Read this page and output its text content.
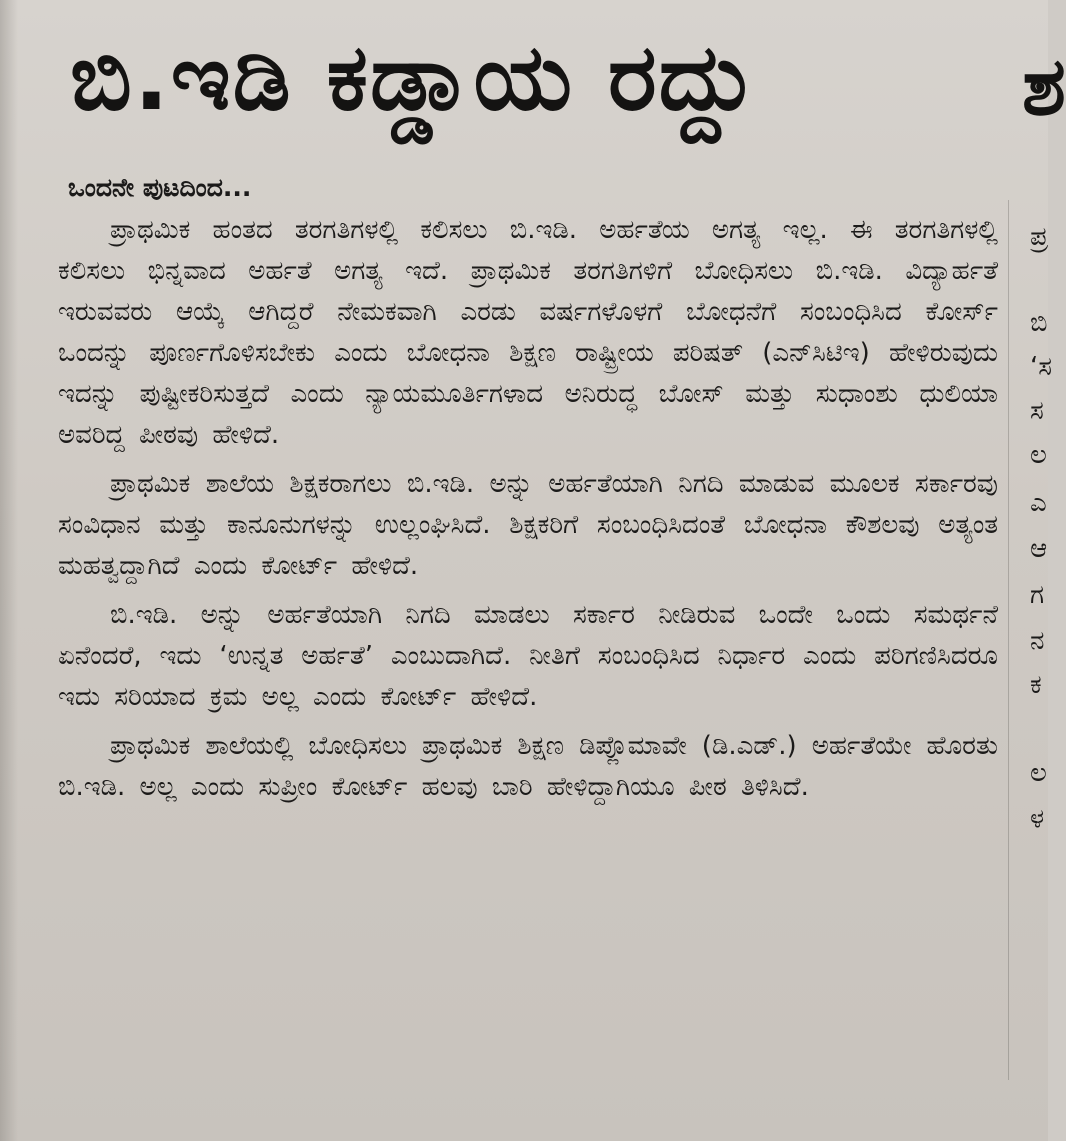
ಬಿ.ಇಡಿ ಕಡ್ಡಾಯ ರದ್ದು
ಒಂದನೇ ಪುಟದಿಂದ...

ಪ್ರಾಥಮಿಕ ಹಂತದ ತರಗತಿಗಳಲ್ಲಿ ಕಲಿಸಲು ಬಿ.ಇಡಿ. ಅರ್ಹತೆಯ ಅಗತ್ಯ ಇಲ್ಲ. ಈ ತರಗತಿಗಳಲ್ಲಿ ಕಲಿಸಲು ಭಿನ್ನವಾದ ಅರ್ಹತೆ ಅಗತ್ಯ ಇದೆ. ಪ್ರಾಥಮಿಕ ತರಗತಿಗಳಿಗೆ ಬೋಧಿಸಲು ಬಿ.ಇಡಿ. ವಿದ್ಯಾರ್ಹತೆ ಇರುವವರು ಆಯ್ಕೆ ಆಗಿದ್ದರೆ ನೇಮಕವಾಗಿ ಎರಡು ವರ್ಷಗಳೊಳಗೆ ಬೋಧನೆಗೆ ಸಂಬಂಧಿಸಿದ ಕೋರ್ಸ್ ಒಂದನ್ನು ಪೂರ್ಣಗೊಳಿಸಬೇಕು ಎಂದು ಬೋಧನಾ ಶಿಕ್ಷಣ ರಾಷ್ಟ್ರೀಯ ಪರಿಷತ್ (ಎನ್‌ಸಿಟಿಇ) ಹೇಳಿರುವುದು ಇದನ್ನು ಪುಷ್ಟೀಕರಿಸುತ್ತದೆ ಎಂದು ನ್ಯಾಯಮೂರ್ತಿಗಳಾದ ಅನಿರುದ್ಧ ಬೋಸ್ ಮತ್ತು ಸುಧಾಂಶು ಧುಲಿಯಾ ಅವರಿದ್ದ ಪೀಠವು ಹೇಳಿದೆ.

ಪ್ರಾಥಮಿಕ ಶಾಲೆಯ ಶಿಕ್ಷಕರಾಗಲು ಬಿ.ಇಡಿ. ಅನ್ನು ಅರ್ಹತೆಯಾಗಿ ನಿಗದಿ ಮಾಡುವ ಮೂಲಕ ಸರ್ಕಾರವು ಸಂವಿಧಾನ ಮತ್ತು ಕಾನೂನುಗಳನ್ನು ಉಲ್ಲಂಘಿಸಿದೆ. ಶಿಕ್ಷಕರಿಗೆ ಸಂಬಂಧಿಸಿದಂತೆ ಬೋಧನಾ ಕೌಶಲವು ಅತ್ಯಂತ ಮಹತ್ವದ್ದಾಗಿದೆ ಎಂದು ಕೋರ್ಟ್ ಹೇಳಿದೆ.

ಬಿ.ಇಡಿ. ಅನ್ನು ಅರ್ಹತೆಯಾಗಿ ನಿಗದಿ ಮಾಡಲು ಸರ್ಕಾರ ನೀಡಿರುವ ಒಂದೇ ಒಂದು ಸಮರ್ಥನೆ ಏನೆಂದರೆ, ಇದು ‘ಉನ್ನತ ಅರ್ಹತೆ’ ಎಂಬುದಾಗಿದೆ. ನೀತಿಗೆ ಸಂಬಂಧಿಸಿದ ನಿರ್ಧಾರ ಎಂದು ಪರಿಗಣಿಸಿದರೂ ಇದು ಸರಿಯಾದ ಕ್ರಮ ಅಲ್ಲ ಎಂದು ಕೋರ್ಟ್ ಹೇಳಿದೆ.

ಪ್ರಾಥಮಿಕ ಶಾಲೆಯಲ್ಲಿ ಬೋಧಿಸಲು ಪ್ರಾಥಮಿಕ ಶಿಕ್ಷಣ ಡಿಪ್ಲೊಮಾವೇ (ಡಿ.ಎಡ್.) ಅರ್ಹತೆಯೇ ಹೊರತು ಬಿ.ಇಡಿ. ಅಲ್ಲ ಎಂದು ಸುಪ್ರೀಂ ಕೋರ್ಟ್ ಹಲವು ಬಾರಿ ಹೇಳಿದ್ದಾಗಿಯೂ ಪೀಠ ತಿಳಿಸಿದೆ.

ಶ
ಪ್ರ
ಬಿ
‘ಸ
ಸ
ಲ
ಎ
ಆ
ಗ
ನ
ಕ
ಲ
ಳ
